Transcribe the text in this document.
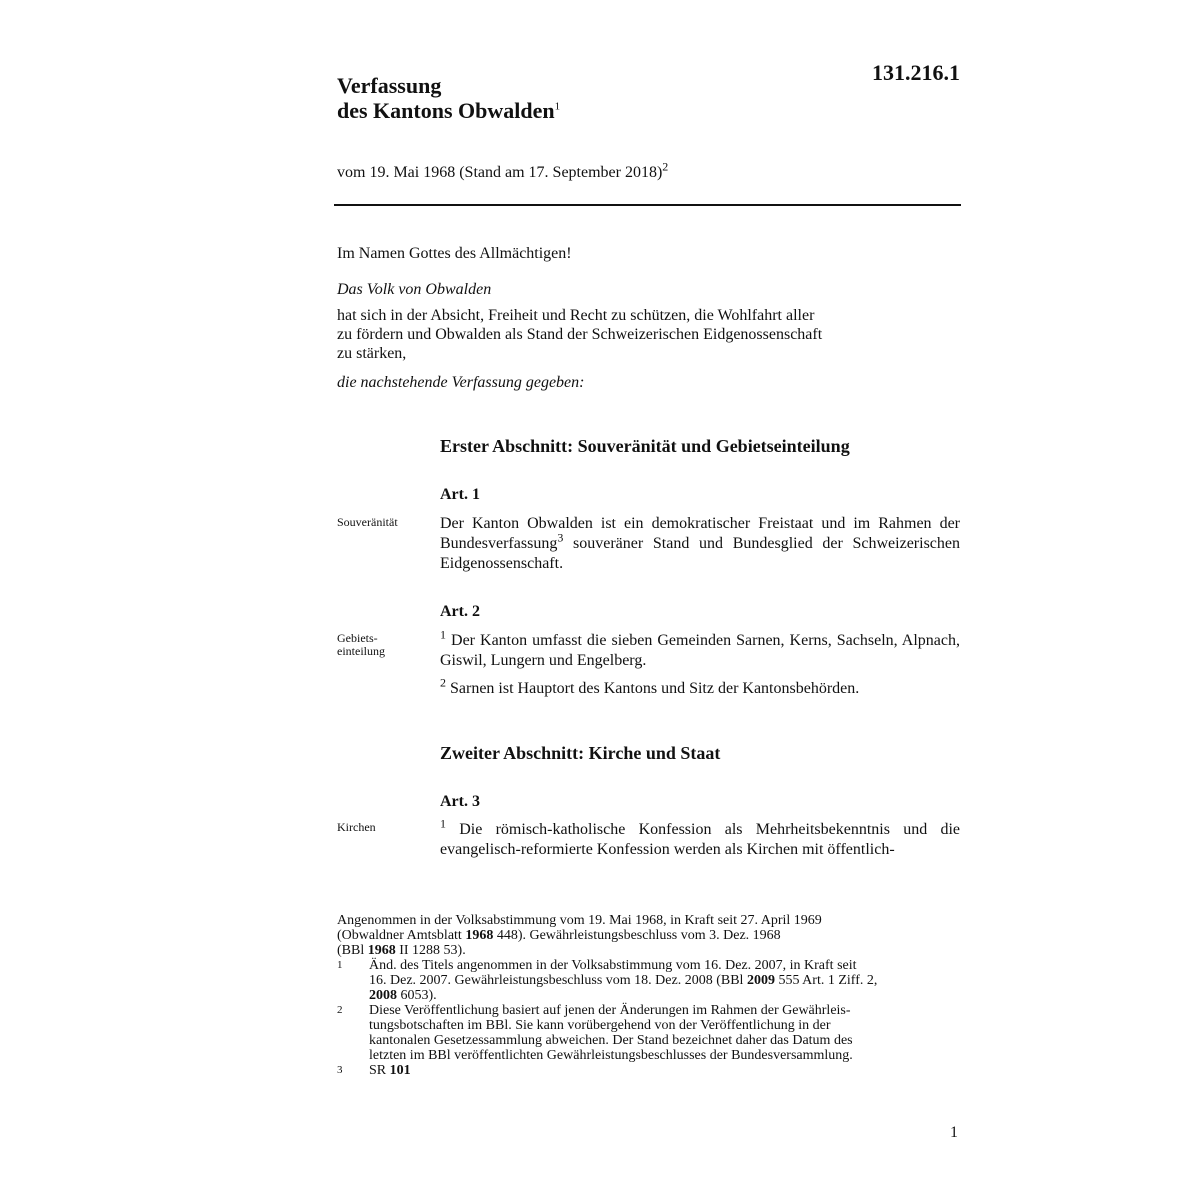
131.216.1
Verfassung
des Kantons Obwalden$^1$
vom 19. Mai 1968 (Stand am 17. September 2018)$^2$
Im Namen Gottes des Allmächtigen!
Das Volk von Obwalden
hat sich in der Absicht, Freiheit und Recht zu schützen, die Wohlfahrt aller
zu fördern und Obwalden als Stand der Schweizerischen Eidgenossenschaft
zu stärken,
die nachstehende Verfassung gegeben:
Erster Abschnitt: Souveränität und Gebietseinteilung
Art. 1
Souveränität	Der Kanton Obwalden ist ein demokratischer Freistaat und im Rahmen der Bundesverfassung$^3$ souveräner Stand und Bundesglied der Schweizerischen Eidgenossenschaft.
Art. 2
Gebiets-
einteilung
$^1$ Der Kanton umfasst die sieben Gemeinden Sarnen, Kerns, Sachseln, Alpnach, Giswil, Lungern und Engelberg.
$^2$ Sarnen ist Hauptort des Kantons und Sitz der Kantonsbehörden.
Zweiter Abschnitt: Kirche und Staat
Art. 3
Kirchen	$^1$ Die römisch-katholische Konfession als Mehrheitsbekenntnis und die evangelisch-reformierte Konfession werden als Kirchen mit öffentlich-
Angenommen in der Volksabstimmung vom 19. Mai 1968, in Kraft seit 27. April 1969
(Obwaldner Amtsblatt 1968 448). Gewährleistungsbeschluss vom 3. Dez. 1968
(BBl 1968 II 1288 53).
1	Änd. des Titels angenommen in der Volksabstimmung vom 16. Dez. 2007, in Kraft seit
16. Dez. 2007. Gewährleistungsbeschluss vom 18. Dez. 2008 (BBl 2009 555 Art. 1 Ziff. 2,
2008 6053).
2	Diese Veröffentlichung basiert auf jenen der Änderungen im Rahmen der Gewährleis-
tungsbotschaften im BBl. Sie kann vorübergehend von der Veröffentlichung in der
kantonalen Gesetzessammlung abweichen. Der Stand bezeichnet daher das Datum des
letzten im BBl veröffentlichten Gewährleistungsbeschlusses der Bundesversammlung.
3	SR 101
1
